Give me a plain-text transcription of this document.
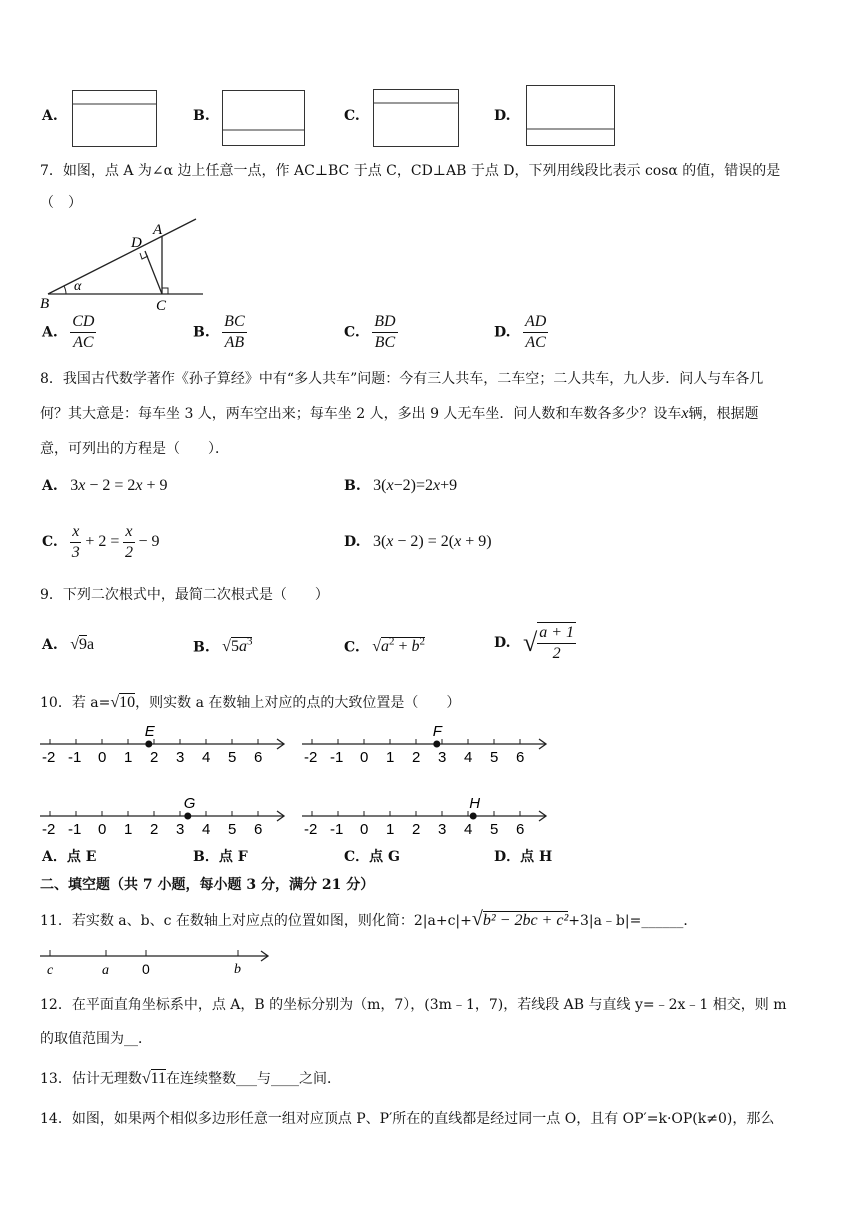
A.	B.	C.	D.
7．如图，点 A 为∠α 边上任意一点，作 AC⊥BC 于点 C，CD⊥AB 于点 D，下列用线段比表示 cosα 的值，错误的是
（　）
α
B	C
D
A
A. $\frac{CD}{AC}$	B. $\frac{BC}{AB}$	C. $\frac{BD}{BC}$	D. $\frac{AD}{AC}$
8．我国古代数学著作《孙子算经》中有“多人共车”问题：今有三人共车，二车空；二人共车，九人步．问人与车各几
何？其大意是：每车坐 3 人，两车空出来；每车坐 2 人，多出 9 人无车坐．问人数和车数各多少？设车x辆，根据题
意，可列出的方程是（　　）．
A. 3x − 2 = 2x + 9	B. 3(x−2)=2x+9
C. $\frac{x}{3} + 2 = \frac{x}{2} - 9$	D. 3(x − 2) = 2(x + 9)
9．下列二次根式中，最简二次根式是（　　）
A. √9a	B. $√5a^3$	C. $√a^2 + b^2$	D. √ $\frac{a + 1}{2}$
10．若 a=√10，则实数 a 在数轴上对应的点的大致位置是（　　）
-2 -1 0 1 2 3 4 5 6
E
-2 -1 0 1 2 3 4 5 6
F
-2 -1 0 1 2 3 4 5 6
G
-2 -1 0 1 2 3 4 5 6
H
A．点 E	B．点 F	C．点 G	D．点 H
二、填空题（共 7 小题，每小题 3 分，满分 21 分）
11．若实数 a、b、c 在数轴上对应点的位置如图，则化简：2|a+c|+√b² − 2bc + c²+3|a﹣b|=______．
c	a 0	b
12．在平面直角坐标系中，点 A，B 的坐标分别为（m，7），(3m﹣1，7)，若线段 AB 与直线 y=﹣2x﹣1 相交，则 m
的取值范围为__．
13．估计无理数√11在连续整数___与____之间．
14．如图，如果两个相似多边形任意一组对应顶点 P、P′所在的直线都是经过同一点 O，且有 OP′=k·OP(k≠0)，那么
